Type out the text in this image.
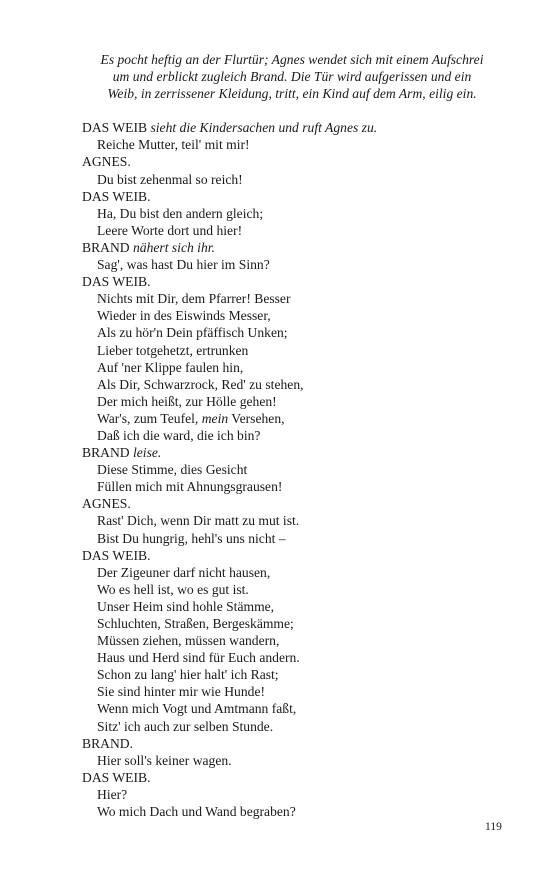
Es pocht heftig an der Flurtür; Agnes wendet sich mit einem Aufschrei
um und erblickt zugleich Brand. Die Tür wird aufgerissen und ein
Weib, in zerrissener Kleidung, tritt, ein Kind auf dem Arm, eilig ein.
DAS WEIB sieht die Kindersachen und ruft Agnes zu.
Reiche Mutter, teil' mit mir!
AGNES.
Du bist zehenmal so reich!
DAS WEIB.
Ha, Du bist den andern gleich;
Leere Worte dort und hier!
BRAND nähert sich ihr.
Sag', was hast Du hier im Sinn?
DAS WEIB.
Nichts mit Dir, dem Pfarrer! Besser
Wieder in des Eiswinds Messer,
Als zu hör'n Dein pfäffisch Unken;
Lieber totgehetzt, ertrunken
Auf 'ner Klippe faulen hin,
Als Dir, Schwarzrock, Red' zu stehen,
Der mich heißt, zur Hölle gehen!
War's, zum Teufel, mein Versehen,
Daß ich die ward, die ich bin?
BRAND leise.
Diese Stimme, dies Gesicht
Füllen mich mit Ahnungsgrausen!
AGNES.
Rast' Dich, wenn Dir matt zu mut ist.
Bist Du hungrig, hehl's uns nicht –
DAS WEIB.
Der Zigeuner darf nicht hausen,
Wo es hell ist, wo es gut ist.
Unser Heim sind hohle Stämme,
Schluchten, Straßen, Bergeskämme;
Müssen ziehen, müssen wandern,
Haus und Herd sind für Euch andern.
Schon zu lang' hier halt' ich Rast;
Sie sind hinter mir wie Hunde!
Wenn mich Vogt und Amtmann faßt,
Sitz' ich auch zur selben Stunde.
BRAND.
Hier soll's keiner wagen.
DAS WEIB.
Hier?
Wo mich Dach und Wand begraben?
119
